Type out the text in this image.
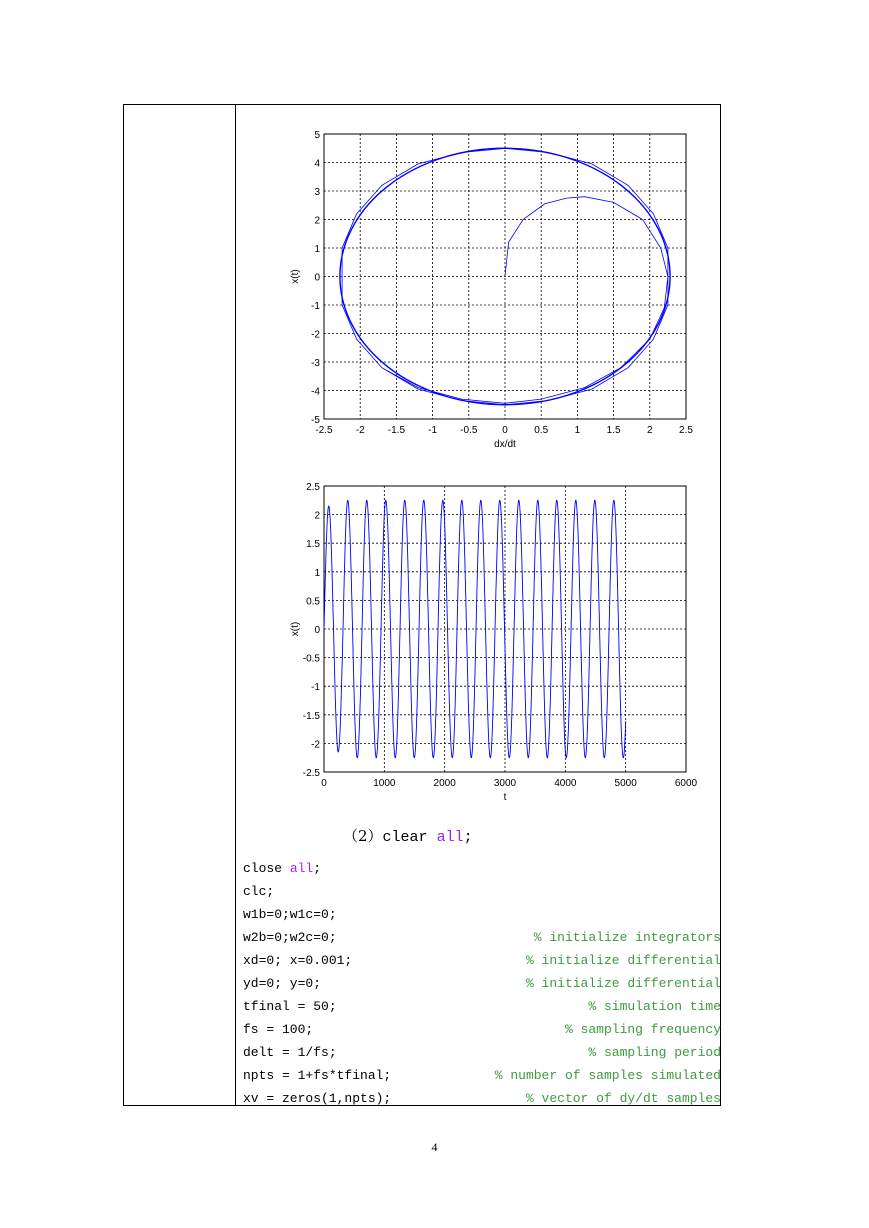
-2.5 -2 -1.5 -1 -0.5 0	0.5	1	1.5	2	2.5
5
4
3
2
1
0
-1
-2
-3
-4
-5
dx/dt
x(t)
0	1000	2000	3000	4000	5000	6000
2.5
2
1.5
1
0.5
0
-0.5
-1
-1.5
-2
-2.5
t
x(t)
（2）clear all;
close all;
clc;
w1b=0;w1c=0;
w2b=0;w2c=0;	% initialize integrators
xd=0; x=0.001;	% initialize differential
yd=0; y=0;	% initialize differential
tfinal = 50;	% simulation time
fs = 100;	% sampling frequency
delt = 1/fs;	% sampling period
npts = 1+fs*tfinal;	% number of samples simulated
xv = zeros(1,npts);	% vector of dy/dt samples
4
